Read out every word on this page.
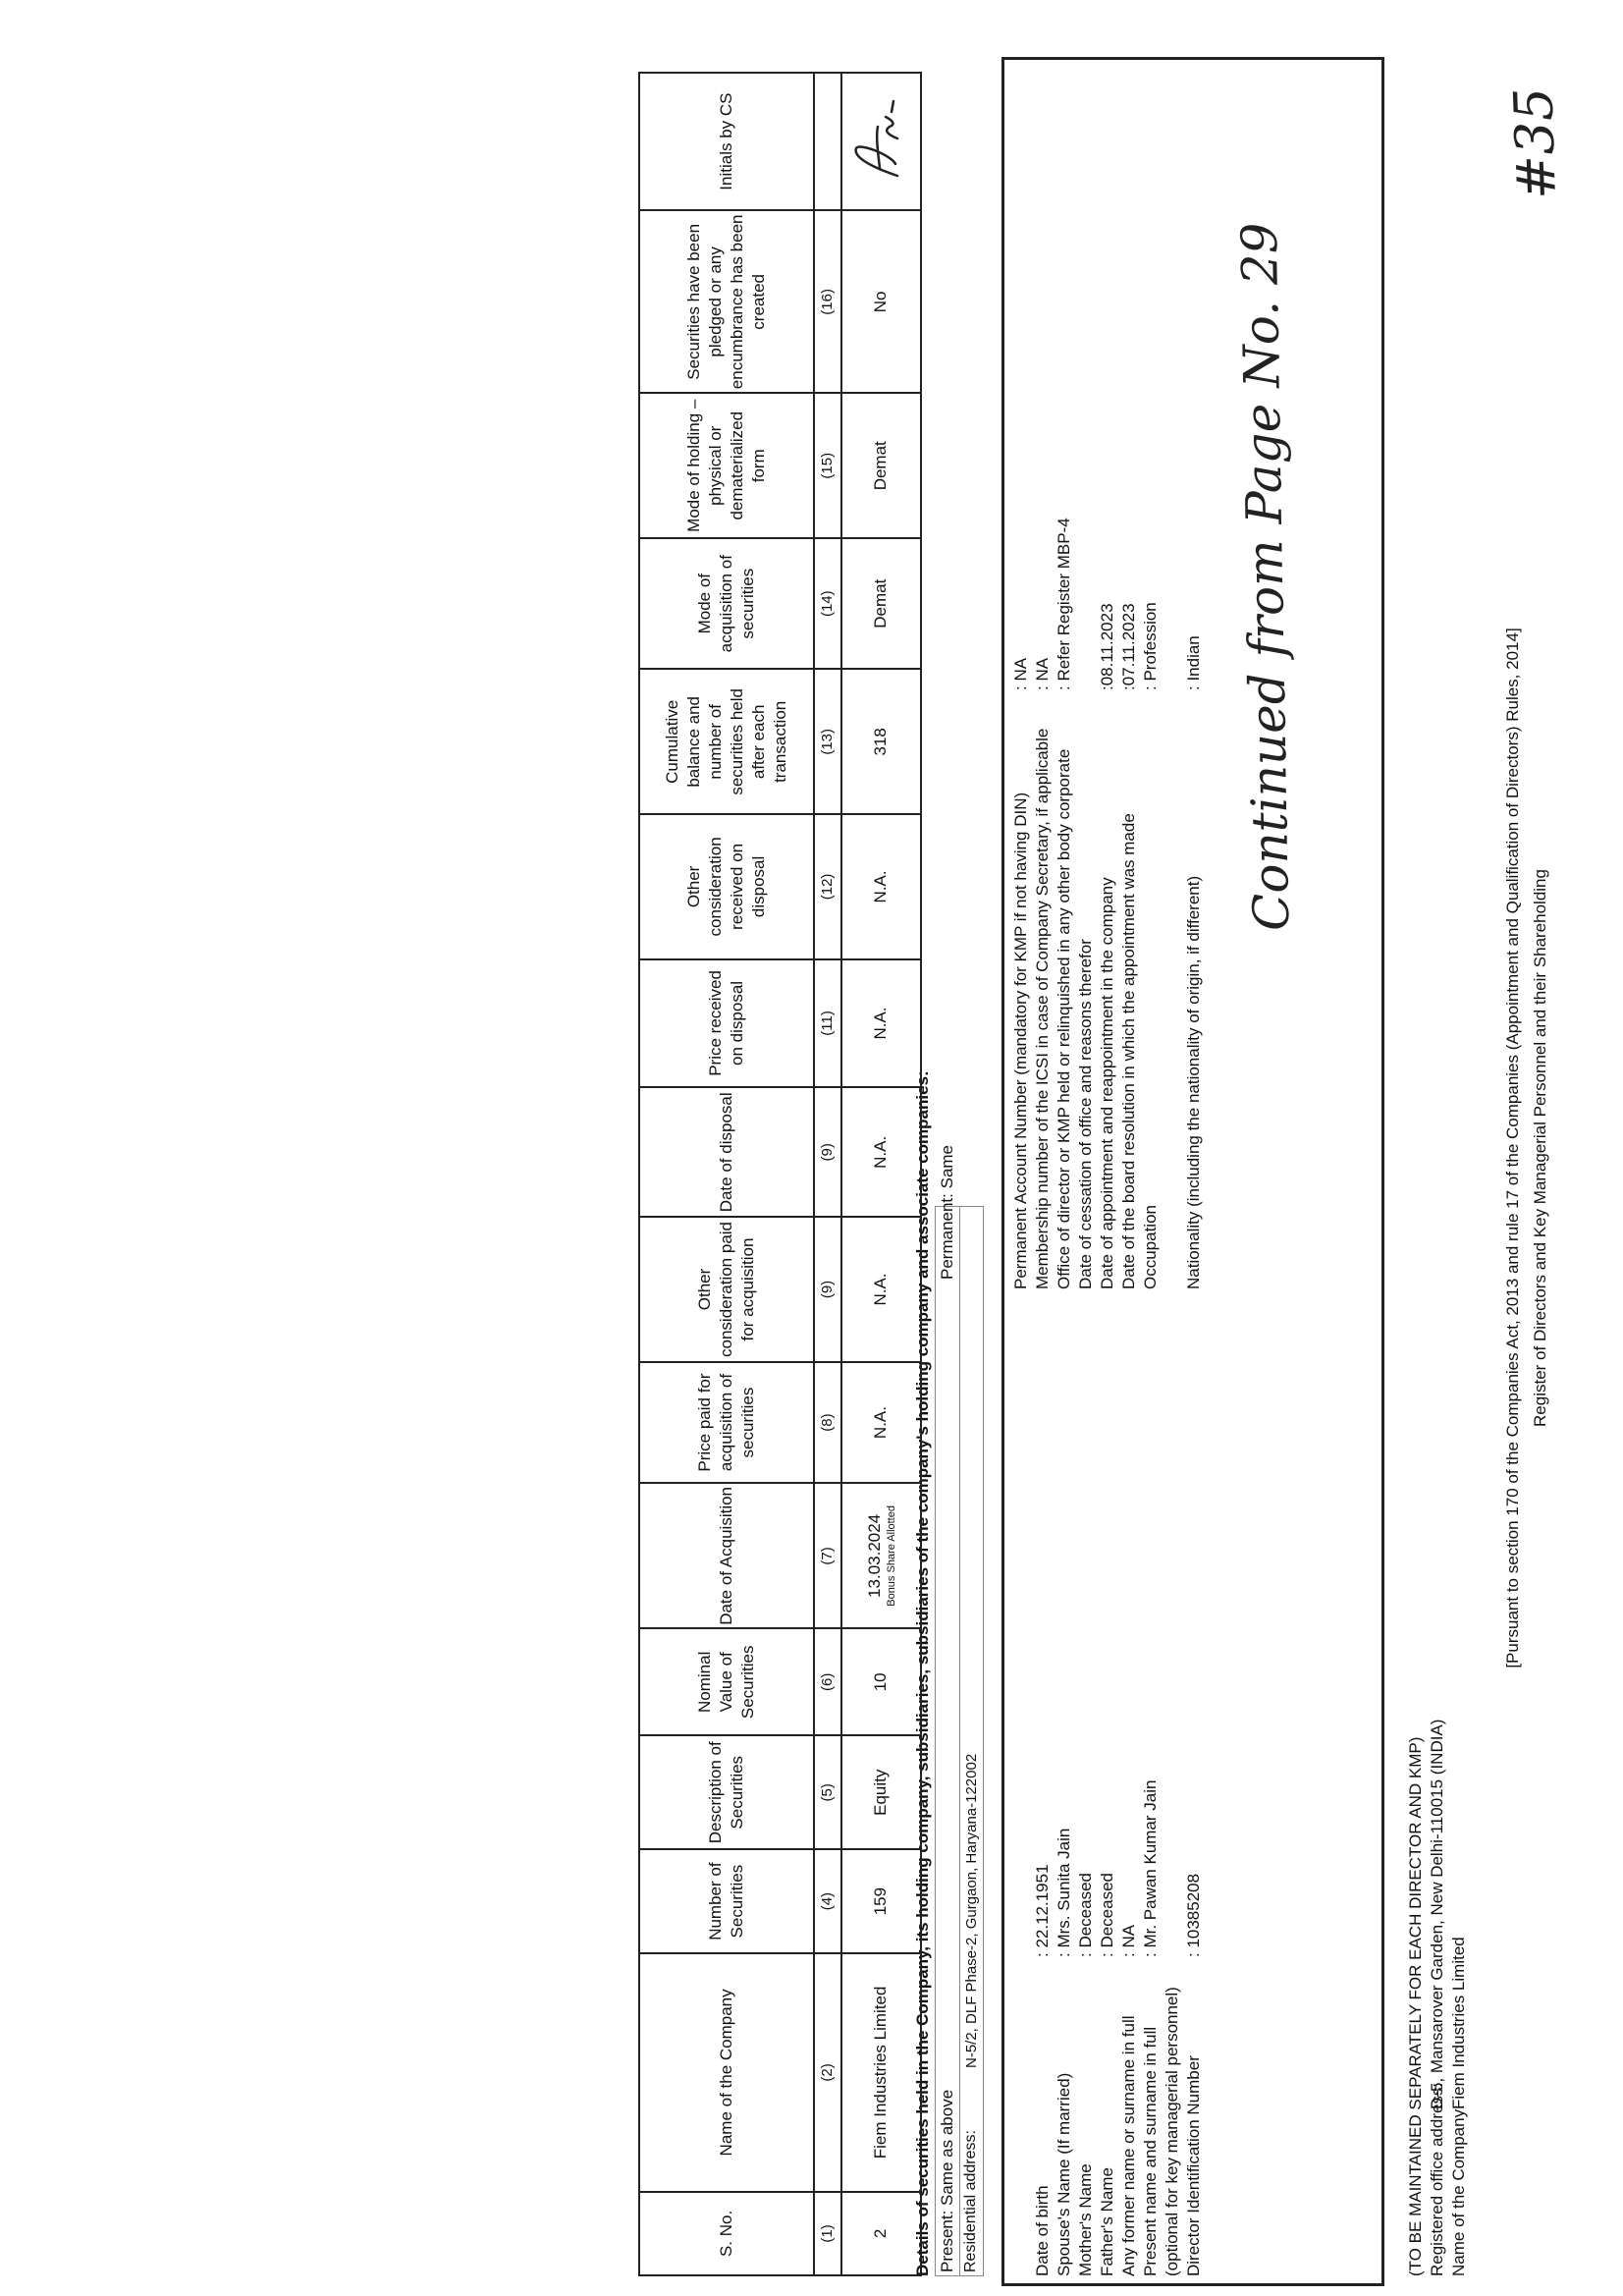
#35
Continued from Page No. 29
Register of Directors and Key Managerial Personnel and their Shareholding
[Pursuant to section 170 of the Companies Act, 2013 and rule 17 of the Companies (Appointment and Qualification of Directors) Rules, 2014]
Name of the Company:
Fiem Industries Limited
Registered office address:
D-5, Mansarover Garden, New Delhi-110015 (INDIA)
(TO BE MAINTAINED SEPARATELY FOR EACH DIRECTOR AND KMP)
Director Identification Number
: 10385208
(optional for key managerial personnel)
Present name and surname in full
: Mr. Pawan Kumar Jain
Any former name or surname in full
: NA
Father's Name
: Deceased
Mother's Name
: Deceased
Spouse's Name (If married)
: Mrs. Sunita Jain
Date of birth
: 22.12.1951
Nationality (including the nationality of origin, if different)
: Indian
Occupation
: Profession
Date of the board resolution in which the appointment was made
:07.11.2023
Date of appointment and reappointment in the company
:08.11.2023
Date of cessation of office and reasons therefor
Office of director or KMP held or relinquished in any other body corporate
: Refer Register MBP-4
Membership number of the ICSI in case of Company Secretary, if applicable
: NA
Permanent Account Number (mandatory for KMP if not having DIN)
: NA
Residential address:
N-5/2, DLF Phase-2, Gurgaon, Haryana-122002
Present: Same as above
Permanent: Same
Details of securities held in the Company, its holding company, subsidiaries, subsidiaries of the company's holding company and associate companies:
S. No.	Name of the Company	Number of Securities	Description of Securities	Nominal Value of Securities	Date of Acquisition	Price paid for acquisition of securities	Other consideration paid for acquisition	Date of disposal	Price received on disposal	Other consideration received on disposal	Cumulative balance and number of securities held after each transaction	Mode of acquisition of securities	Mode of holding – physical or dematerialized form	Securities have been pledged or any encumbrance has been created	Initials by CS
(1)	(2)	(4)	(5)	(6)	(7)	(8)	(9)	(9)	(11)	(12)	(13)	(14)	(15)	(16)	
2	Fiem Industries Limited	159	Equity	10	13.03.2024 Bonus Share Allotted	N.A.	N.A.	N.A.	N.A.	N.A.	318	Demat	Demat	No	
